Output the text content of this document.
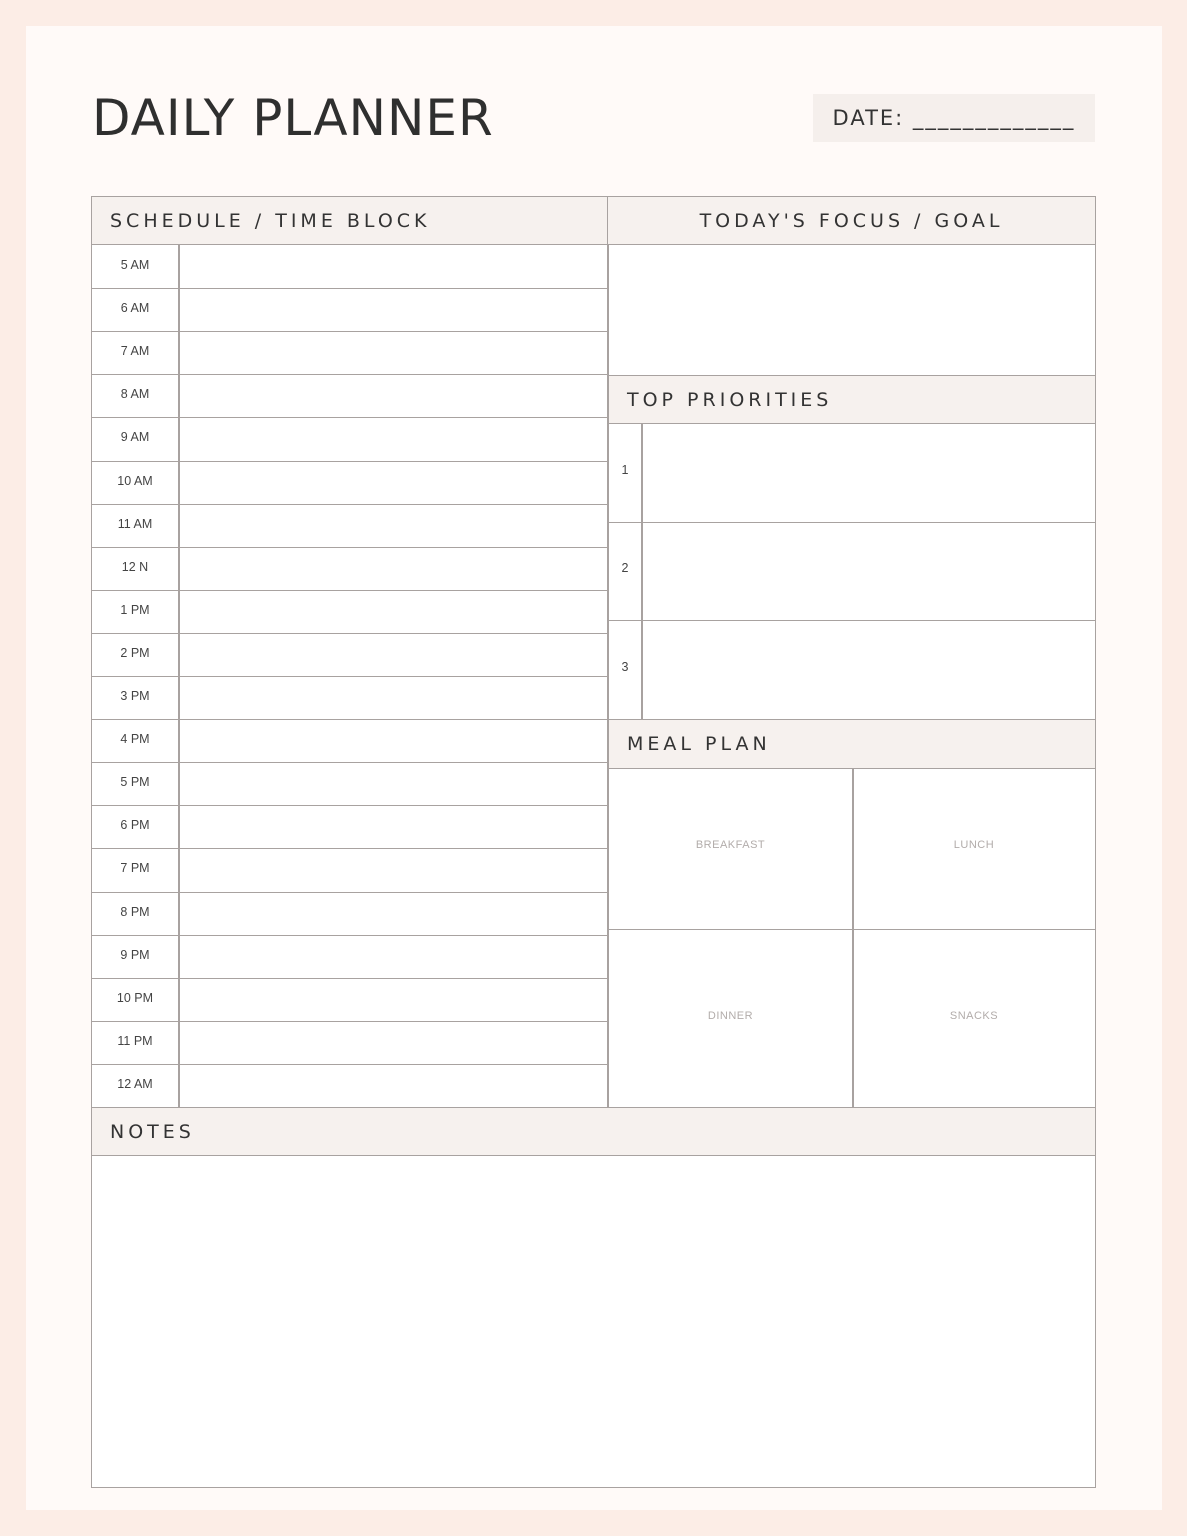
DAILY PLANNER	DATE: _____________
SCHEDULE / TIME BLOCK	TODAY'S FOCUS / GOAL
5 AM
6 AM
7 AM
8 AM
9 AM
10 AM
11 AM
12 N
1 PM
2 PM
3 PM
4 PM
5 PM
6 PM
7 PM
8 PM
9 PM
10 PM
11 PM
12 AM
TOP PRIORITIES
1
2
3
MEAL PLAN
BREAKFAST	LUNCH
DINNER	SNACKS
NOTES
